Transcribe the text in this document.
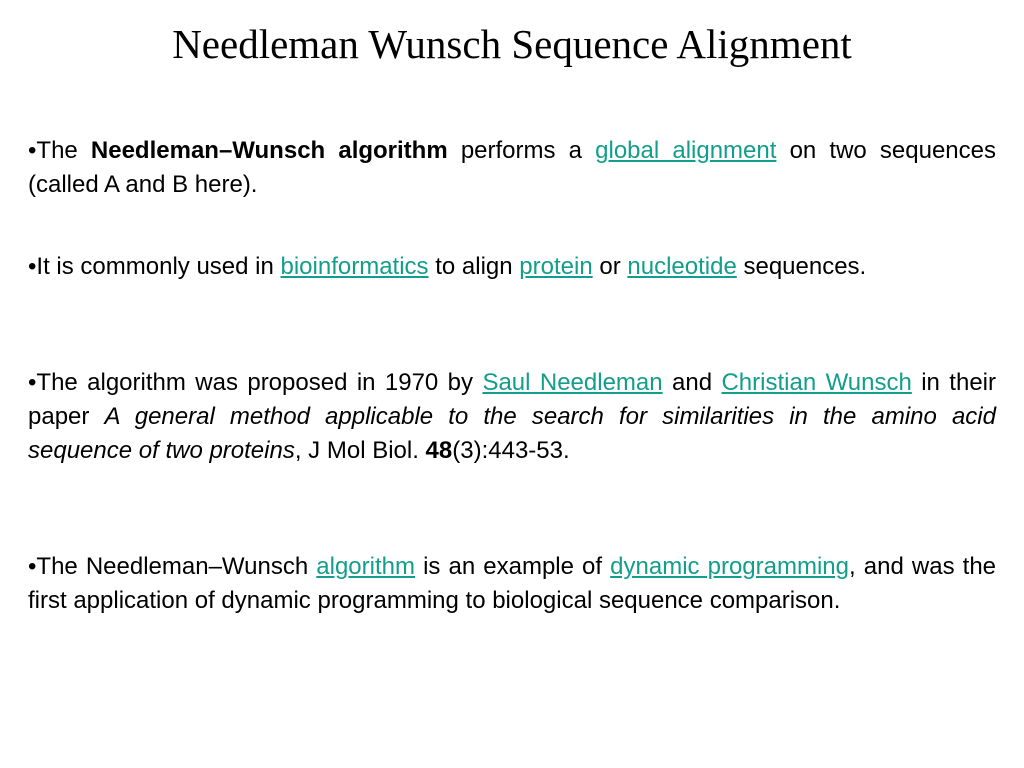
Needleman Wunsch Sequence Alignment

•The Needleman–Wunsch algorithm performs a global alignment on two sequences (called A and B here).

•It is commonly used in bioinformatics to align protein or nucleotide sequences.

•The algorithm was proposed in 1970 by Saul Needleman and Christian Wunsch in their paper A general method applicable to the search for similarities in the amino acid sequence of two proteins, J Mol Biol. 48(3):443-53.

•The Needleman–Wunsch algorithm is an example of dynamic programming, and was the first application of dynamic programming to biological sequence comparison.
